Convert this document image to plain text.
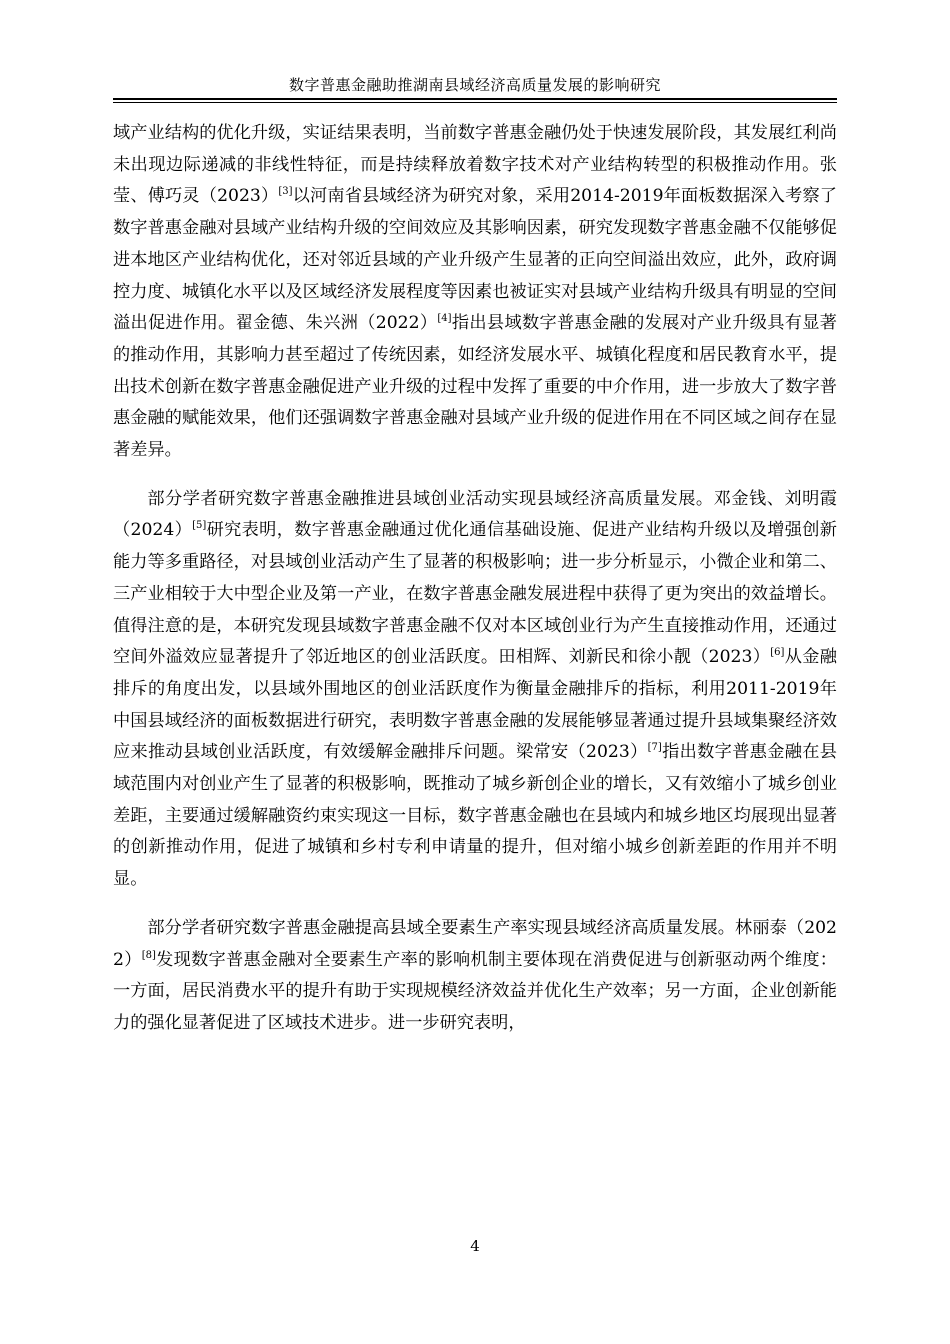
数字普惠金融助推湖南县域经济高质量发展的影响研究

域产业结构的优化升级，实证结果表明，当前数字普惠金融仍处于快速发展阶段，其发展红利尚未出现边际递减的非线性特征，而是持续释放着数字技术对产业结构转型的积极推动作用。张莹、傅巧灵（2023）[3]以河南省县域经济为研究对象，采用2014-2019年面板数据深入考察了数字普惠金融对县域产业结构升级的空间效应及其影响因素，研究发现数字普惠金融不仅能够促进本地区产业结构优化，还对邻近县域的产业升级产生显著的正向空间溢出效应，此外，政府调控力度、城镇化水平以及区域经济发展程度等因素也被证实对县域产业结构升级具有明显的空间溢出促进作用。翟金德、朱兴洲（2022）[4]指出县域数字普惠金融的发展对产业升级具有显著的推动作用，其影响力甚至超过了传统因素，如经济发展水平、城镇化程度和居民教育水平，提出技术创新在数字普惠金融促进产业升级的过程中发挥了重要的中介作用，进一步放大了数字普惠金融的赋能效果，他们还强调数字普惠金融对县域产业升级的促进作用在不同区域之间存在显著差异。

部分学者研究数字普惠金融推进县域创业活动实现县域经济高质量发展。邓金钱、刘明霞（2024）[5]研究表明，数字普惠金融通过优化通信基础设施、促进产业结构升级以及增强创新能力等多重路径，对县域创业活动产生了显著的积极影响；进一步分析显示，小微企业和第二、三产业相较于大中型企业及第一产业，在数字普惠金融发展进程中获得了更为突出的效益增长。值得注意的是，本研究发现县域数字普惠金融不仅对本区域创业行为产生直接推动作用，还通过空间外溢效应显著提升了邻近地区的创业活跃度。田相辉、刘新民和徐小靓（2023）[6]从金融排斥的角度出发，以县域外围地区的创业活跃度作为衡量金融排斥的指标，利用2011-2019年中国县域经济的面板数据进行研究，表明数字普惠金融的发展能够显著通过提升县域集聚经济效应来推动县域创业活跃度，有效缓解金融排斥问题。梁常安（2023）[7]指出数字普惠金融在县域范围内对创业产生了显著的积极影响，既推动了城乡新创企业的增长，又有效缩小了城乡创业差距，主要通过缓解融资约束实现这一目标，数字普惠金融也在县域内和城乡地区均展现出显著的创新推动作用，促进了城镇和乡村专利申请量的提升，但对缩小城乡创新差距的作用并不明显。

部分学者研究数字普惠金融提高县域全要素生产率实现县域经济高质量发展。林丽泰（2022）[8]发现数字普惠金融对全要素生产率的影响机制主要体现在消费促进与创新驱动两个维度：一方面，居民消费水平的提升有助于实现规模经济效益并优化生产效率；另一方面，企业创新能力的强化显著促进了区域技术进步。进一步研究表明，

4
